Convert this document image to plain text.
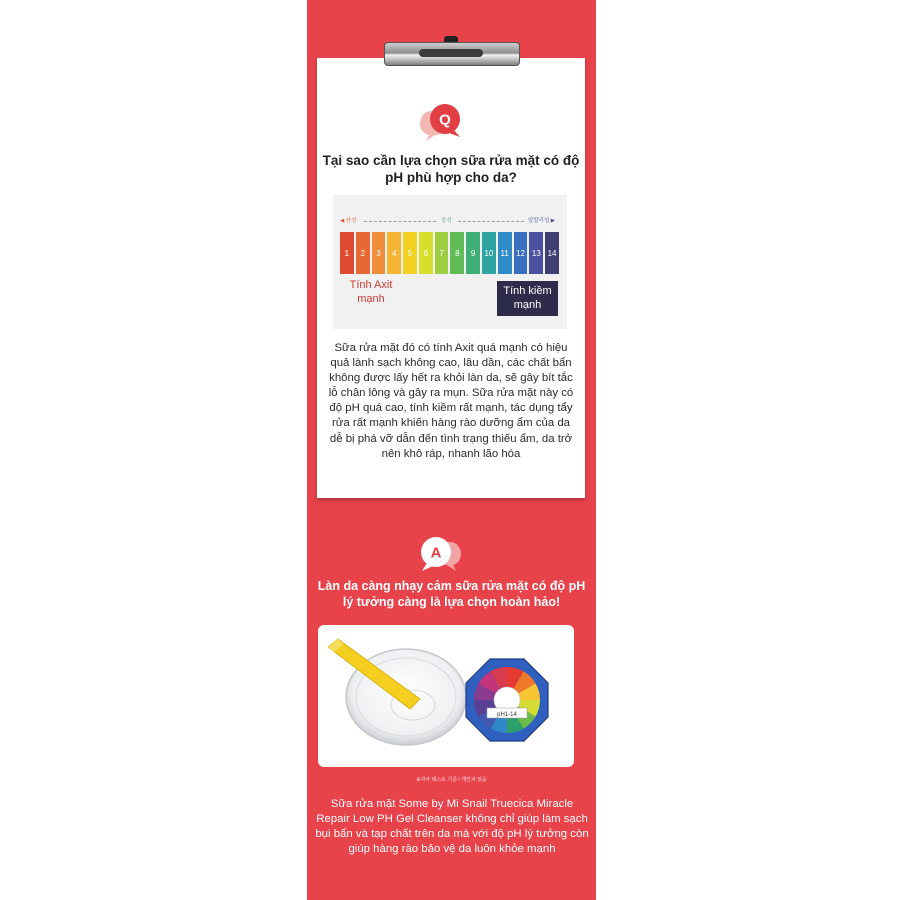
Q
Tại sao cần lựa chọn sữa rửa mặt có độ pH phù hợp cho da?
◀ 산성	중성	알칼리성 ▶
1	2	3	4	5	6	7	8	9	10 11 12 13 14
Tính Axit mạnh
Tính kiềm mạnh
Sữa rửa mặt đó có tính Axit quá mạnh có hiệu quả lành sạch không cao, lâu dần, các chất bẩn không được lấy hết ra khỏi làn da, sẽ gây bít tắc lỗ chân lông và gây ra mụn. Sữa rửa mặt này có độ pH quá cao, tính kiềm rất mạnh, tác dụng tẩy rửa rất mạnh khiến hàng rào dưỡng ẩm của da dễ bị phá vỡ dẫn đến tình trạng thiếu ẩm, da trở nên khô ráp, nhanh lão hóa
A
Làn da càng nhạy cảm sữa rửa mặt có độ pH lý tưởng càng là lựa chọn hoàn hảo!
pH1-14
※자사 테스트 기준 / 개인차 있음
Sữa rửa mặt Some by Mi Snail Truecica Miracle Repair Low PH Gel Cleanser không chỉ giúp làm sạch bụi bẩn và tạp chất trên da mà với độ pH lý tưởng còn giúp hàng rào bảo vệ da luôn khỏe mạnh
